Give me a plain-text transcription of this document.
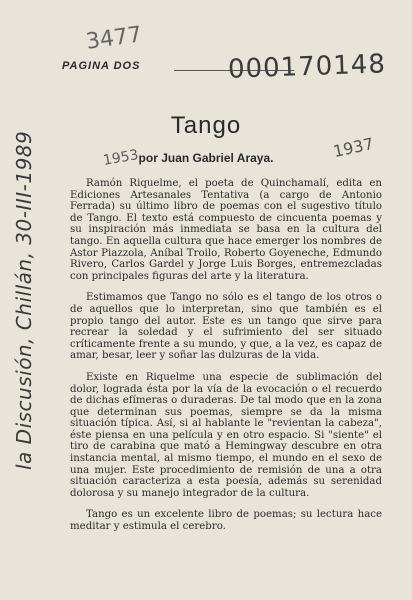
PAGINA DOS
3477
000170148
1953	1937
la Discusión, Chillán, 30-III-1989
Tango
por Juan Gabriel Araya.

Ramón Riquelme, el poeta de Quinchamalí, edita en Ediciones Artesanales Tentativa (a cargo de Antonio Ferrada) su último libro de poemas con el sugestivo título de Tango. El texto está compuesto de cincuenta poemas y su inspiración más inmediata se basa en la cultura del tango. En aquella cultura que hace emerger los nombres de Astor Piazzola, Aníbal Troilo, Roberto Goyeneche, Edmundo Rivero, Carlos Gardel y Jorge Luis Borges, entremezcladas con principales figuras del arte y la literatura.

Estimamos que Tango no sólo es el tango de los otros o de aquellos que lo interpretan, sino que también es el propio tango del autor. Este es un tango que sirve para recrear la soledad y el sufrimiento del ser situado críticamente frente a su mundo, y que, a la vez, es capaz de amar, besar, leer y soñar las dulzuras de la vida.

Existe en Riquelme una especie de sublimación del dolor, lograda ésta por la vía de la evocación o el recuerdo de dichas efímeras o duraderas. De tal modo que en la zona que determinan sus poemas, siempre se da la misma situación típica. Así, si al hablante le "revientan la cabeza", éste piensa en una película y en otro espacio. Si "siente" el tiro de carabina que mató a Hemingway descubre en otra instancia mental, al mismo tiempo, el mundo en el sexo de una mujer. Este procedimiento de remisión de una a otra situación caracteriza a esta poesía, además su serenidad dolorosa y su manejo integrador de la cultura.

Tango es un excelente libro de poemas; su lectura hace meditar y estimula el cerebro.
